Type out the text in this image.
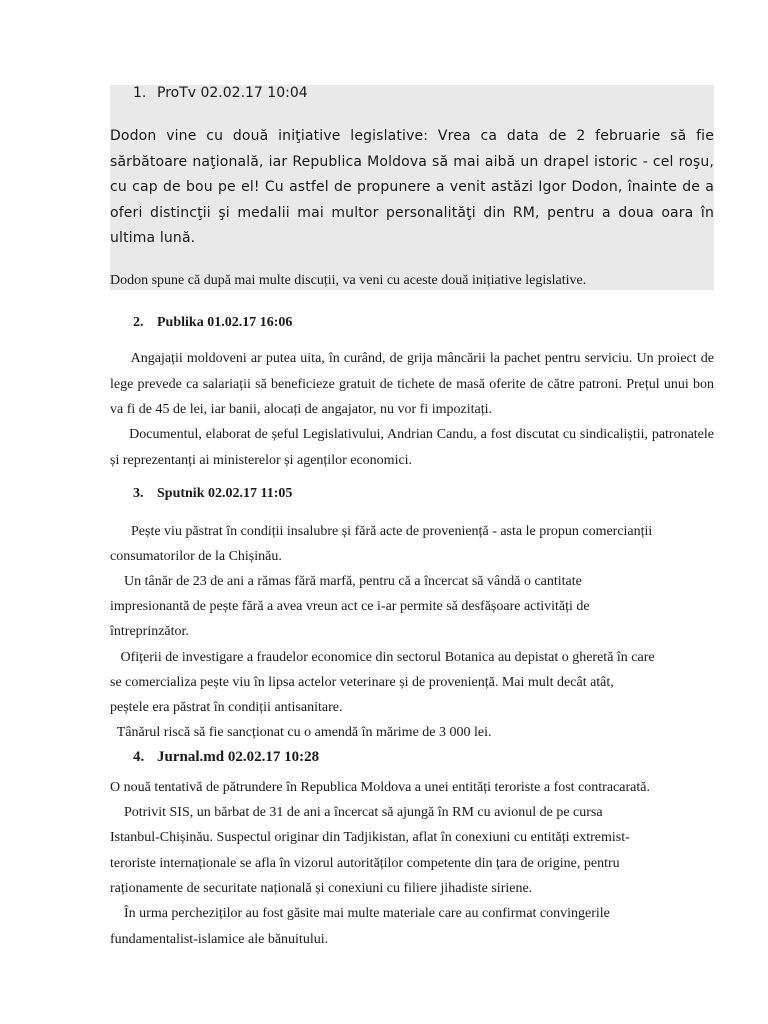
1. ProTv 02.02.17 10:04

Dodon vine cu două iniţiative legislative: Vrea ca data de 2 februarie să fie sărbătoare naţională, iar Republica Moldova să mai aibă un drapel istoric - cel roşu, cu cap de bou pe el! Cu astfel de propunere a venit astăzi Igor Dodon, înainte de a oferi distincţii şi medalii mai multor personalităţi din RM, pentru a doua oara în ultima lună.

Dodon spune că după mai multe discuții, va veni cu aceste două inițiative legislative.

2. Publika 01.02.17 16:06

Angajații moldoveni ar putea uita, în curând, de grija mâncării la pachet pentru serviciu. Un proiect de lege prevede ca salariații să beneficieze gratuit de tichete de masă oferite de către patroni. Prețul unui bon va fi de 45 de lei, iar banii, alocați de angajator, nu vor fi impozitați.

Documentul, elaborat de șeful Legislativului, Andrian Candu, a fost discutat cu sindicaliștii, patronatele și reprezentanți ai ministerelor și agenților economici.

3. Sputnik 02.02.17 11:05

Pește viu păstrat în condiții insalubre și fără acte de proveniență - asta le propun comercianții

consumatorilor de la Chișinău.

Un tânăr de 23 de ani a rămas fără marfă, pentru că a încercat să vândă o cantitate

impresionantă de pește fără a avea vreun act ce i-ar permite să desfășoare activități de

întreprinzător.

Ofițerii de investigare a fraudelor economice din sectorul Botanica au depistat o gheretă în care

se comercializa pește viu în lipsa actelor veterinare și de proveniență. Mai mult decât atât,

peștele era păstrat în condiții antisanitare.

Tânărul riscă să fie sancționat cu o amendă în mărime de 3 000 lei.

4. Jurnal.md 02.02.17 10:28

O nouă tentativă de pătrundere în Republica Moldova a unei entități teroriste a fost contracarată.

Potrivit SIS, un bărbat de 31 de ani a încercat să ajungă în RM cu avionul de pe cursa

Istanbul-Chișinău. Suspectul originar din Tadjikistan, aflat în conexiuni cu entități extremist-

teroriste internaționale se afla în vizorul autorităților competente din țara de origine, pentru

raționamente de securitate națională și conexiuni cu filiere jihadiste siriene.

În urma percheziților au fost găsite mai multe materiale care au confirmat convingerile

fundamentalist-islamice ale bănuitului.
